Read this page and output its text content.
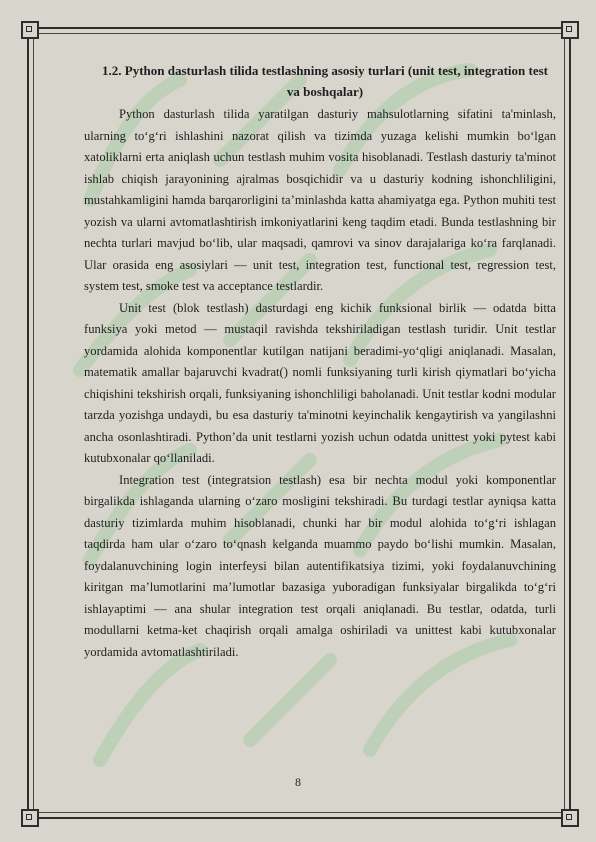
1.2. Python dasturlash tilida testlashning asosiy turlari (unit test, integration test va boshqalar)

Python dasturlash tilida yaratilgan dasturiy mahsulotlarning sifatini ta'minlash, ularning to‘g‘ri ishlashini nazorat qilish va tizimda yuzaga kelishi mumkin bo‘lgan xatoliklarni erta aniqlash uchun testlash muhim vosita hisoblanadi. Testlash dasturiy ta'minot ishlab chiqish jarayonining ajralmas bosqichidir va u dasturiy kodning ishonchliligini, mustahkamligini hamda barqarorligini ta’minlashda katta ahamiyatga ega. Python muhiti test yozish va ularni avtomatlashtirish imkoniyatlarini keng taqdim etadi. Bunda testlashning bir nechta turlari mavjud bo‘lib, ular maqsadi, qamrovi va sinov darajalariga ko‘ra farqlanadi. Ular orasida eng asosiylari — unit test, integration test, functional test, regression test, system test, smoke test va acceptance testlardir.

Unit test (blok testlash) dasturdagi eng kichik funksional birlik — odatda bitta funksiya yoki metod — mustaqil ravishda tekshiriladigan testlash turidir. Unit testlar yordamida alohida komponentlar kutilgan natijani beradimi-yo‘qligi aniqlanadi. Masalan, matematik amallar bajaruvchi kvadrat() nomli funksiyaning turli kirish qiymatlari bo‘yicha chiqishini tekshirish orqali, funksiyaning ishonchliligi baholanadi. Unit testlar kodni modular tarzda yozishga undaydi, bu esa dasturiy ta'minotni keyinchalik kengaytirish va yangilashni ancha osonlashtiradi. Python’da unit testlarni yozish uchun odatda unittest yoki pytest kabi kutubxonalar qo‘llaniladi.

Integration test (integratsion testlash) esa bir nechta modul yoki komponentlar birgalikda ishlaganda ularning o‘zaro mosligini tekshiradi. Bu turdagi testlar ayniqsa katta dasturiy tizimlarda muhim hisoblanadi, chunki har bir modul alohida to‘g‘ri ishlagan taqdirda ham ular o‘zaro to‘qnash kelganda muammo paydo bo‘lishi mumkin. Masalan, foydalanuvchining login interfeysi bilan autentifikatsiya tizimi, yoki foydalanuvchining kiritgan ma’lumotlarini ma’lumotlar bazasiga yuboradigan funksiyalar birgalikda to‘g‘ri ishlayaptimi — ana shular integration test orqali aniqlanadi. Bu testlar, odatda, turli modullarni ketma-ket chaqirish orqali amalga oshiriladi va unittest kabi kutubxonalar yordamida avtomatlashtiriladi.

8
